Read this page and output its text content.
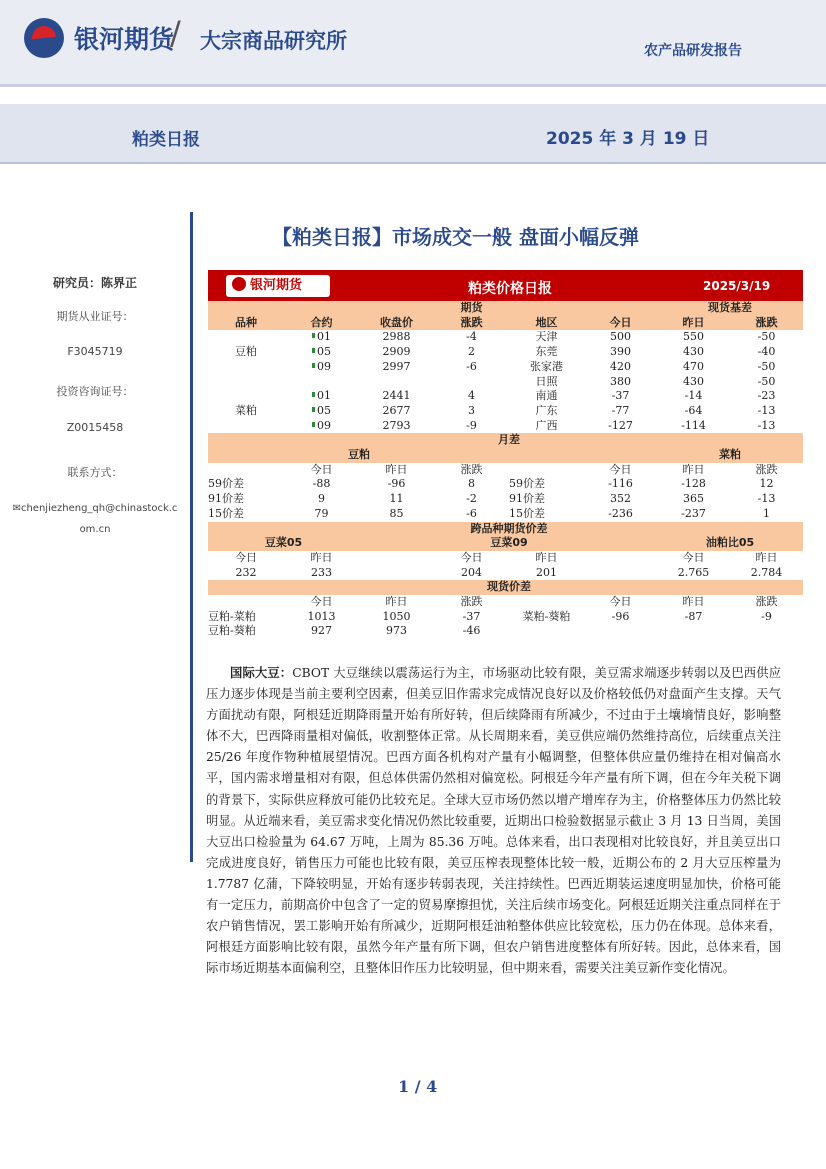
银河期货
/ 大宗商品研究所	农产品研发报告
粕类日报	2025 年 3 月 19 日
研究员：陈界正
期货从业证号：
F3045719
投资咨询证号：
Z0015458
联系方式：
✉chenjiezheng_qh@chinastock.c
om.cn
【粕类日报】市场成交一般 盘面小幅反弹
银河期货	粕类价格日报	2025/3/19
			期货			现货基差	
品种	合约	收盘价	涨跌	地区	今日	昨日	涨跌
	01	2988	-4	天津	500	550	-50
豆粕	05	2909	2	东莞	390	430	-40
	09	2997	-6	张家港	420	470	-50
				日照	380	430	-50
	01	2441	4	南通	-37	-14	-23
菜粕	05	2677	3	广东	-77	-64	-13
	09	2793	-9	广西	-127	-114	-13
			月差				
	豆粕					菜粕	
	今日	昨日	涨跌		今日	昨日	涨跌
59价差	-88	-96	8	59价差	-116	-128	12
91价差	9	11	-2	91价差	352	365	-13
15价差	79	85	-6	15价差	-236	-237	1
			跨品种期货价差				
豆菜05			豆菜09			油粕比05	
今日	昨日		今日	昨日		今日	昨日
232	233		204	201		2.765	2.784
			现货价差				
	今日	昨日	涨跌		今日	昨日	涨跌
豆粕-菜粕	1013	1050	-37	菜粕-葵粕	-96	-87	-9
豆粕-葵粕	927	973	-46				
国际大豆：CBOT 大豆继续以震荡运行为主，市场驱动比较有限，美豆需求端逐步转弱以及巴西供应压力逐步体现是当前主要利空因素，但美豆旧作需求完成情况良好以及价格较低仍对盘面产生支撑。天气方面扰动有限，阿根廷近期降雨量开始有所好转，但后续降雨有所减少，不过由于土壤墒情良好，影响整体不大，巴西降雨量相对偏低，收割整体正常。从长周期来看，美豆供应端仍然维持高位，后续重点关注 25/26 年度作物种植展望情况。巴西方面各机构对产量有小幅调整，但整体供应量仍维持在相对偏高水平，国内需求增量相对有限，但总体供需仍然相对偏宽松。阿根廷今年产量有所下调，但在今年关税下调的背景下，实际供应释放可能仍比较充足。全球大豆市场仍然以增产增库存为主，价格整体压力仍然比较明显。从近端来看，美豆需求变化情况仍然比较重要，近期出口检验数据显示截止 3 月 13 日当周，美国大豆出口检验量为 64.67 万吨，上周为 85.36 万吨。总体来看，出口表现相对比较良好，并且美豆出口完成进度良好，销售压力可能也比较有限，美豆压榨表现整体比较一般，近期公布的 2 月大豆压榨量为 1.7787 亿蒲，下降较明显，开始有逐步转弱表现，关注持续性。巴西近期装运速度明显加快，价格可能有一定压力，前期高价中包含了一定的贸易摩擦担忧，关注后续市场变化。阿根廷近期关注重点同样在于农户销售情况，罢工影响开始有所减少，近期阿根廷油粕整体供应比较宽松，压力仍在体现。总体来看，阿根廷方面影响比较有限，虽然今年产量有所下调，但农户销售进度整体有所好转。因此，总体来看，国际市场近期基本面偏利空，且整体旧作压力比较明显，但中期来看，需要关注美豆新作变化情况。
1 / 4
